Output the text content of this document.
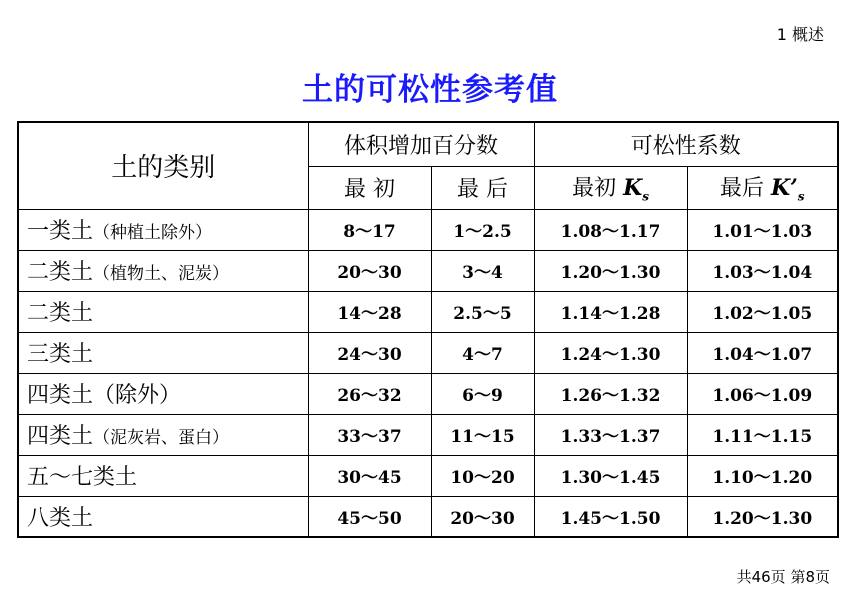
1 概述
土的可松性参考值
土的类别	体积增加百分数		可松性系数	
	最 初	最 后	最初 $K_s$	最后 $K’_s$
一类土（种植土除外）	8～17	1～2.5	1.08～1.17	1.01～1.03
二类土（植物土、泥炭）	20～30	3～4	1.20～1.30	1.03～1.04
二类土	14～28	2.5～5	1.14～1.28	1.02～1.05
三类土	24～30	4～7	1.24～1.30	1.04～1.07
四类土（除外）	26～32	6～9	1.26～1.32	1.06～1.09
四类土（泥灰岩、蛋白）	33～37	11～15	1.33～1.37	1.11～1.15
五～七类土	30～45	10～20	1.30～1.45	1.10～1.20
八类土	45～50	20～30	1.45～1.50	1.20～1.30
共46页 第8页
